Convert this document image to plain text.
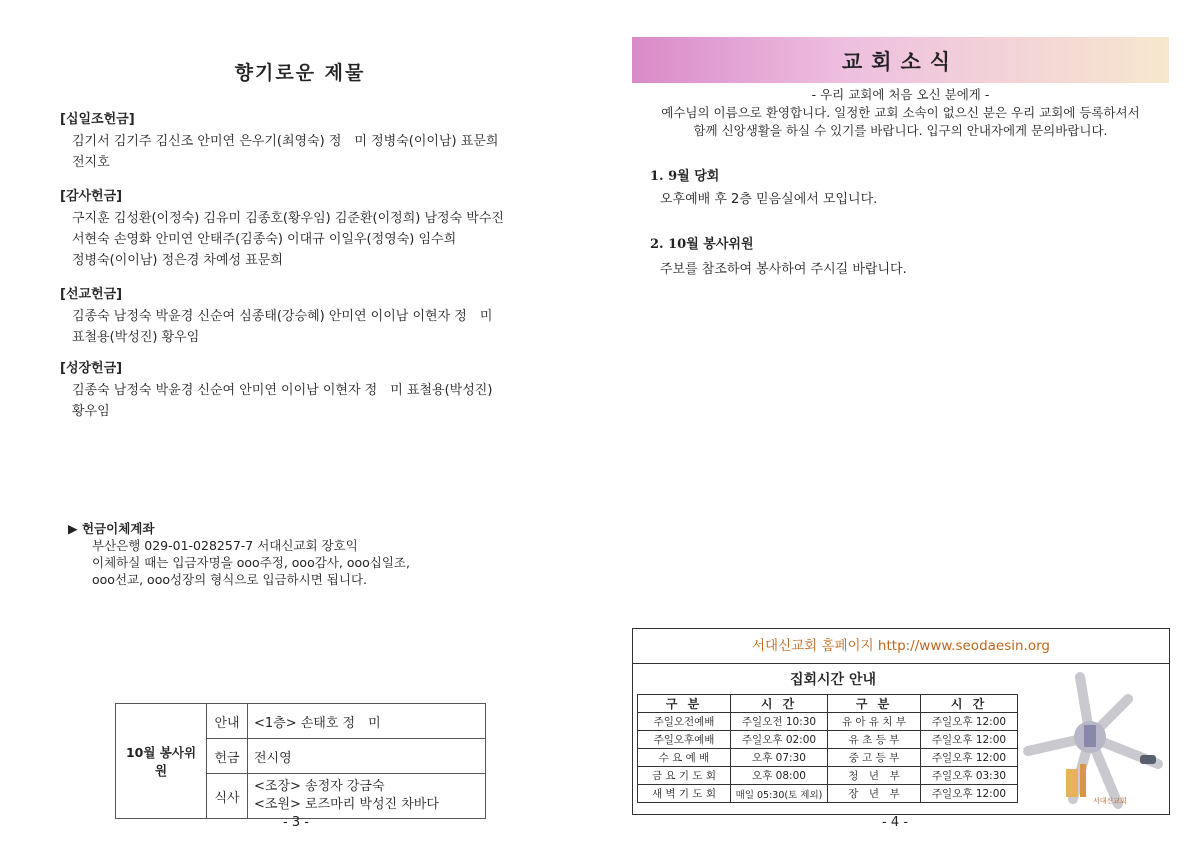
향기로운 제물
[십일조헌금]
김기서 김기주 김신조 안미연 은우기(최영숙) 정　미 정병숙(이이남) 표문희
전지호
[감사헌금]
구지훈 김성환(이정숙) 김유미 김종호(황우임) 김준환(이정희) 남정숙 박수진
서현숙 손영화 안미연 안태주(김종숙) 이대규 이일우(정영숙) 임수희
정병숙(이이남) 정은경 차예성 표문희
[선교헌금]
김종숙 남정숙 박윤경 신순여 심종태(강승혜) 안미연 이이남 이현자 정　미
표철용(박성진) 황우임
[성장헌금]
김종숙 남정숙 박윤경 신순여 안미연 이이남 이현자 정　미 표철용(박성진)
황우임
▶ 헌금이체계좌
부산은행 029-01-028257-7 서대신교회 장호익
이체하실 때는 입금자명을 ooo주정, ooo감사, ooo십일조,
ooo선교, ooo성장의 형식으로 입금하시면 됩니다.
10월 봉사위원	안내	<1층> 손태호 정　미
	헌금	전시영
	식사	<조장> 송정자 강금숙
<조원> 로즈마리 박성진 차바다
- 3 -
교회소식
- 우리 교회에 처음 오신 분에게 -
예수님의 이름으로 환영합니다. 일정한 교회 소속이 없으신 분은 우리 교회에 등록하셔서
함께 신앙생활을 하실 수 있기를 바랍니다. 입구의 안내자에게 문의바랍니다.
1. 9월 당회
오후예배 후 2층 믿음실에서 모입니다.
2. 10월 봉사위원
주보를 참조하여 봉사하여 주시길 바랍니다.
서대신교회 홈페이지 http://www.seodaesin.org
집회시간 안내
구 분	시 간	구 분	시 간
주일오전예배	주일오전 10:30	유 아 유 치 부	주일오후 12:00
주일오후예배	주일오후 02:00	유 초 등 부	주일오후 12:00
수 요 예 배	오후 07:30	중 고 등 부	주일오후 12:00
금 요 기 도 회	오후 08:00	청　년　부	주일오후 03:30
새 벽 기 도 회	매일 05:30(토 제외)	장　년　부	주일오후 12:00
서대신교회
- 4 -
